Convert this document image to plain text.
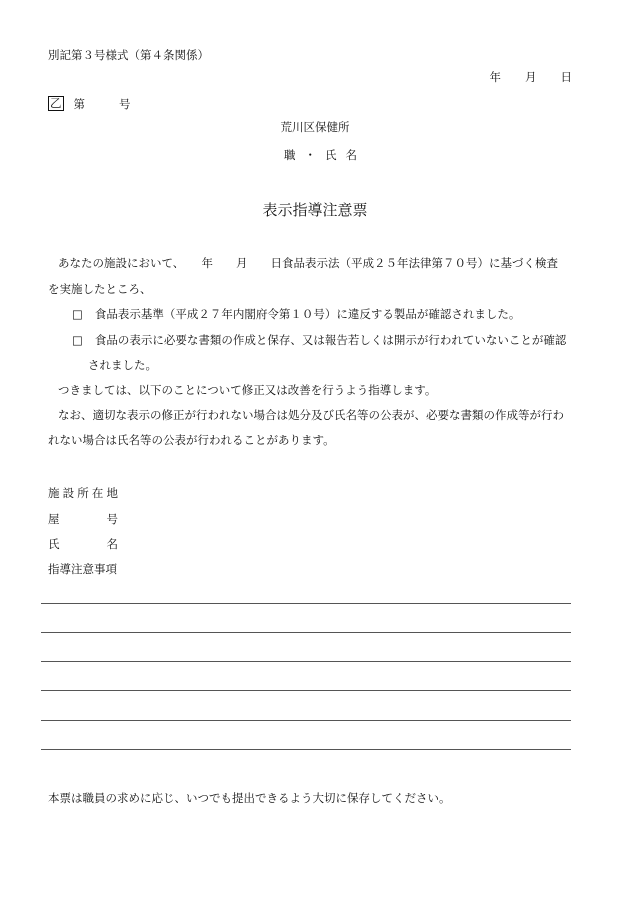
別記第３号様式（第４条関係）
年 月 日
乙 第	号
荒川区保健所
職・氏名
表示指導注意票
あなたの施設において、　　年　　月　　日食品表示法（平成２５年法律第７０号）に基づく検査
を実施したところ、
□ 食品表示基準（平成２７年内閣府令第１０号）に違反する製品が確認されました。
□ 食品の表示に必要な書類の作成と保存、又は報告若しくは開示が行われていないことが確認
されました。
つきましては、以下のことについて修正又は改善を行うよう指導します。
なお、適切な表示の修正が行われない場合は処分及び氏名等の公表が、必要な書類の作成等が行わ
れない場合は氏名等の公表が行われることがあります。
施設所在地
屋号
氏名
指導注意事項
本票は職員の求めに応じ、いつでも提出できるよう大切に保存してください。
